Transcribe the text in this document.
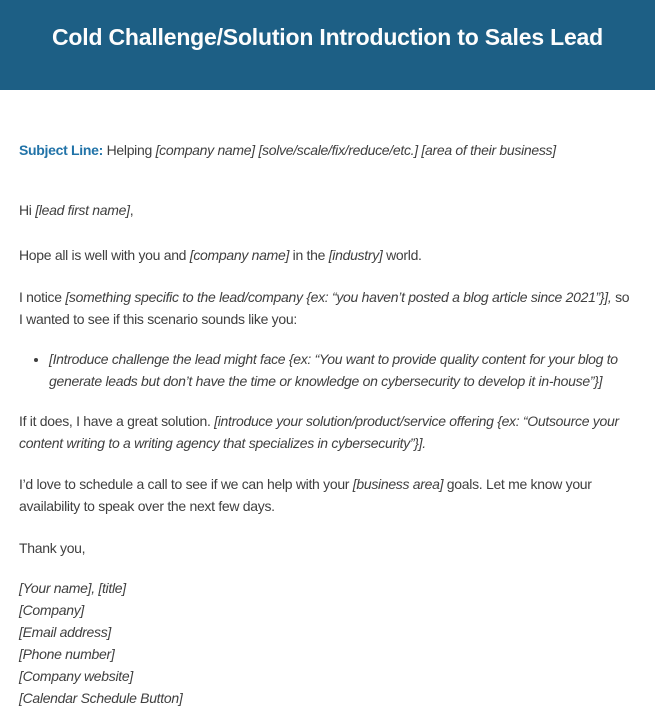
Cold Challenge/Solution Introduction to Sales Lead

Subject Line: Helping [company name] [solve/scale/fix/reduce/etc.] [area of their business]

Hi [lead first name],

Hope all is well with you and [company name] in the [industry] world.

I notice [something specific to the lead/company {ex: “you haven’t posted a blog article since 2021”}], so I wanted to see if this scenario sounds like you:

• [Introduce challenge the lead might face {ex: “You want to provide quality content for your blog to generate leads but don’t have the time or knowledge on cybersecurity to develop it in-house”}]

If it does, I have a great solution. [introduce your solution/product/service offering {ex: “Outsource your content writing to a writing agency that specializes in cybersecurity”}].

I’d love to schedule a call to see if we can help with your [business area] goals. Let me know your availability to speak over the next few days.

Thank you,

[Your name], [title]

[Company]

[Email address]

[Phone number]

[Company website]

[Calendar Schedule Button]
